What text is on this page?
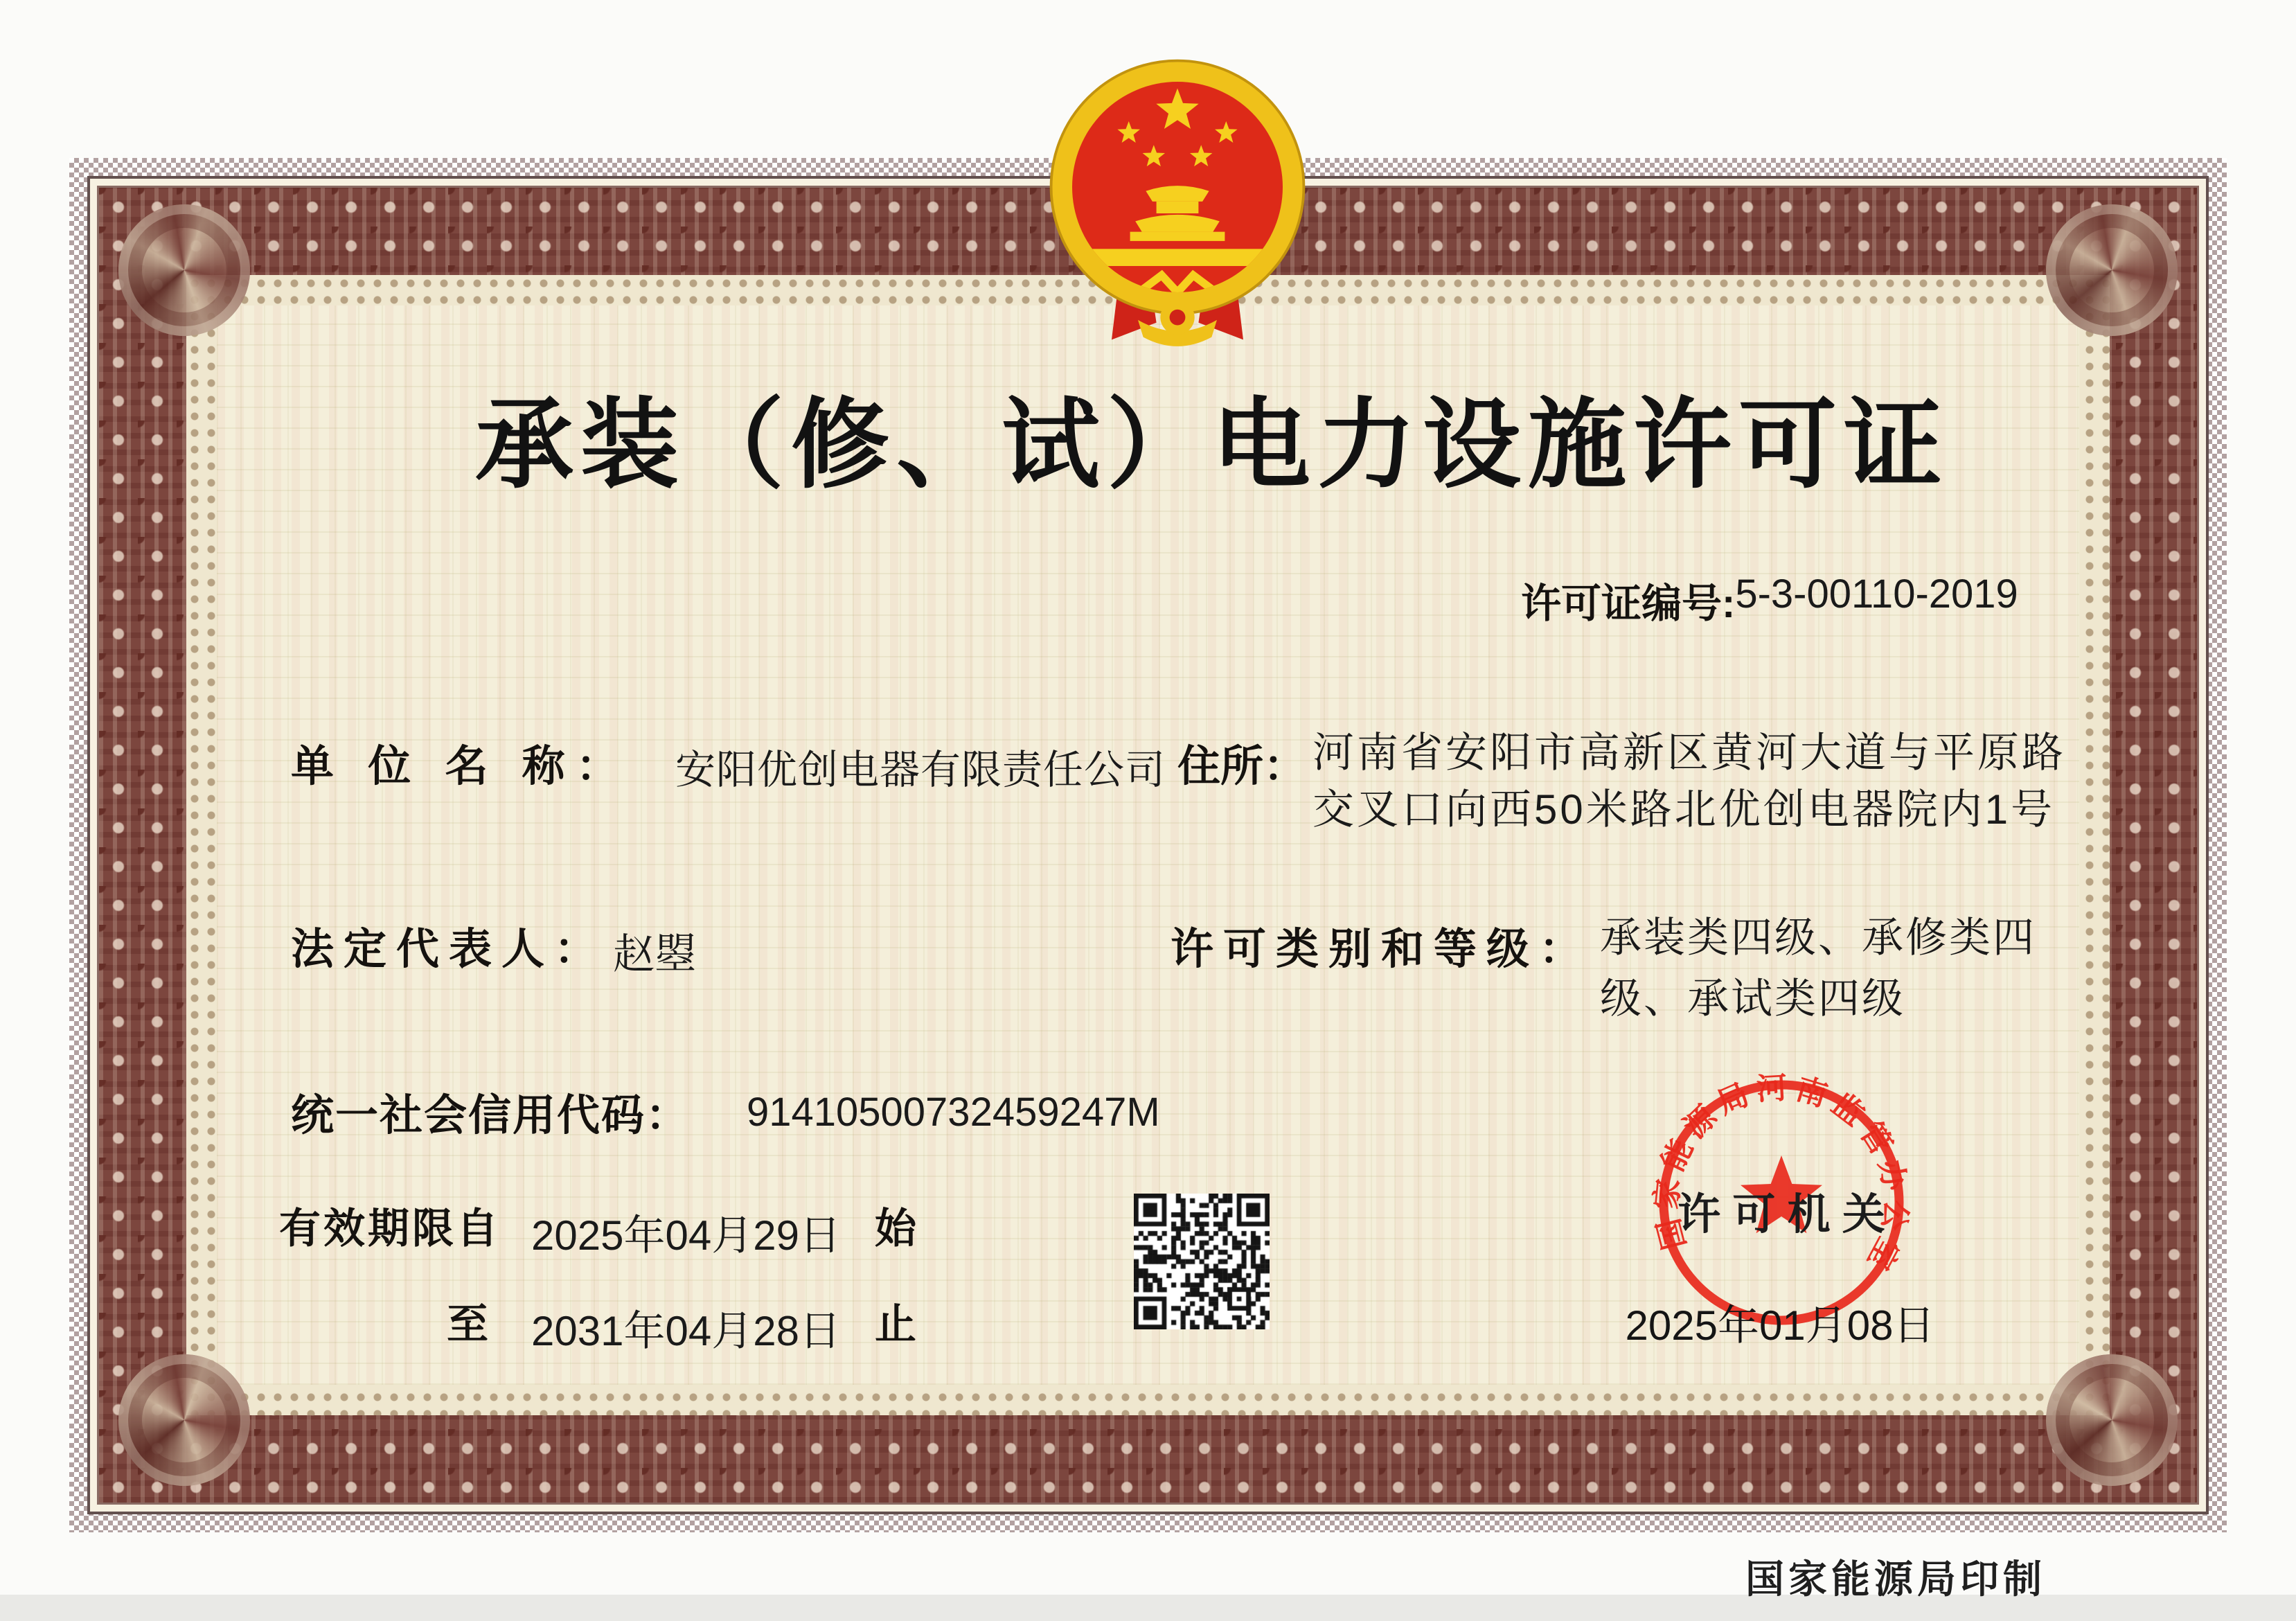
承装（修、试）电力设施许可证
许可证编号: 5-3-00110-2019
单 位 名 称： 安阳优创电器有限责任公司 住所： 河南省安阳市高新区黄河大道与平原路
交叉口向西50米路北优创电器院内1号
法定代表人： 赵曌	许可类别和等级： 承装类四级、承修类四
级、承试类四级
统一社会信用代码： 91410500732459247M
有效期限自 2025年04月29日 始
至 2031年04月28日 止
国家能源局河南监管办公室
许 可 机 关
2025年01月08日
国家能源局印制
